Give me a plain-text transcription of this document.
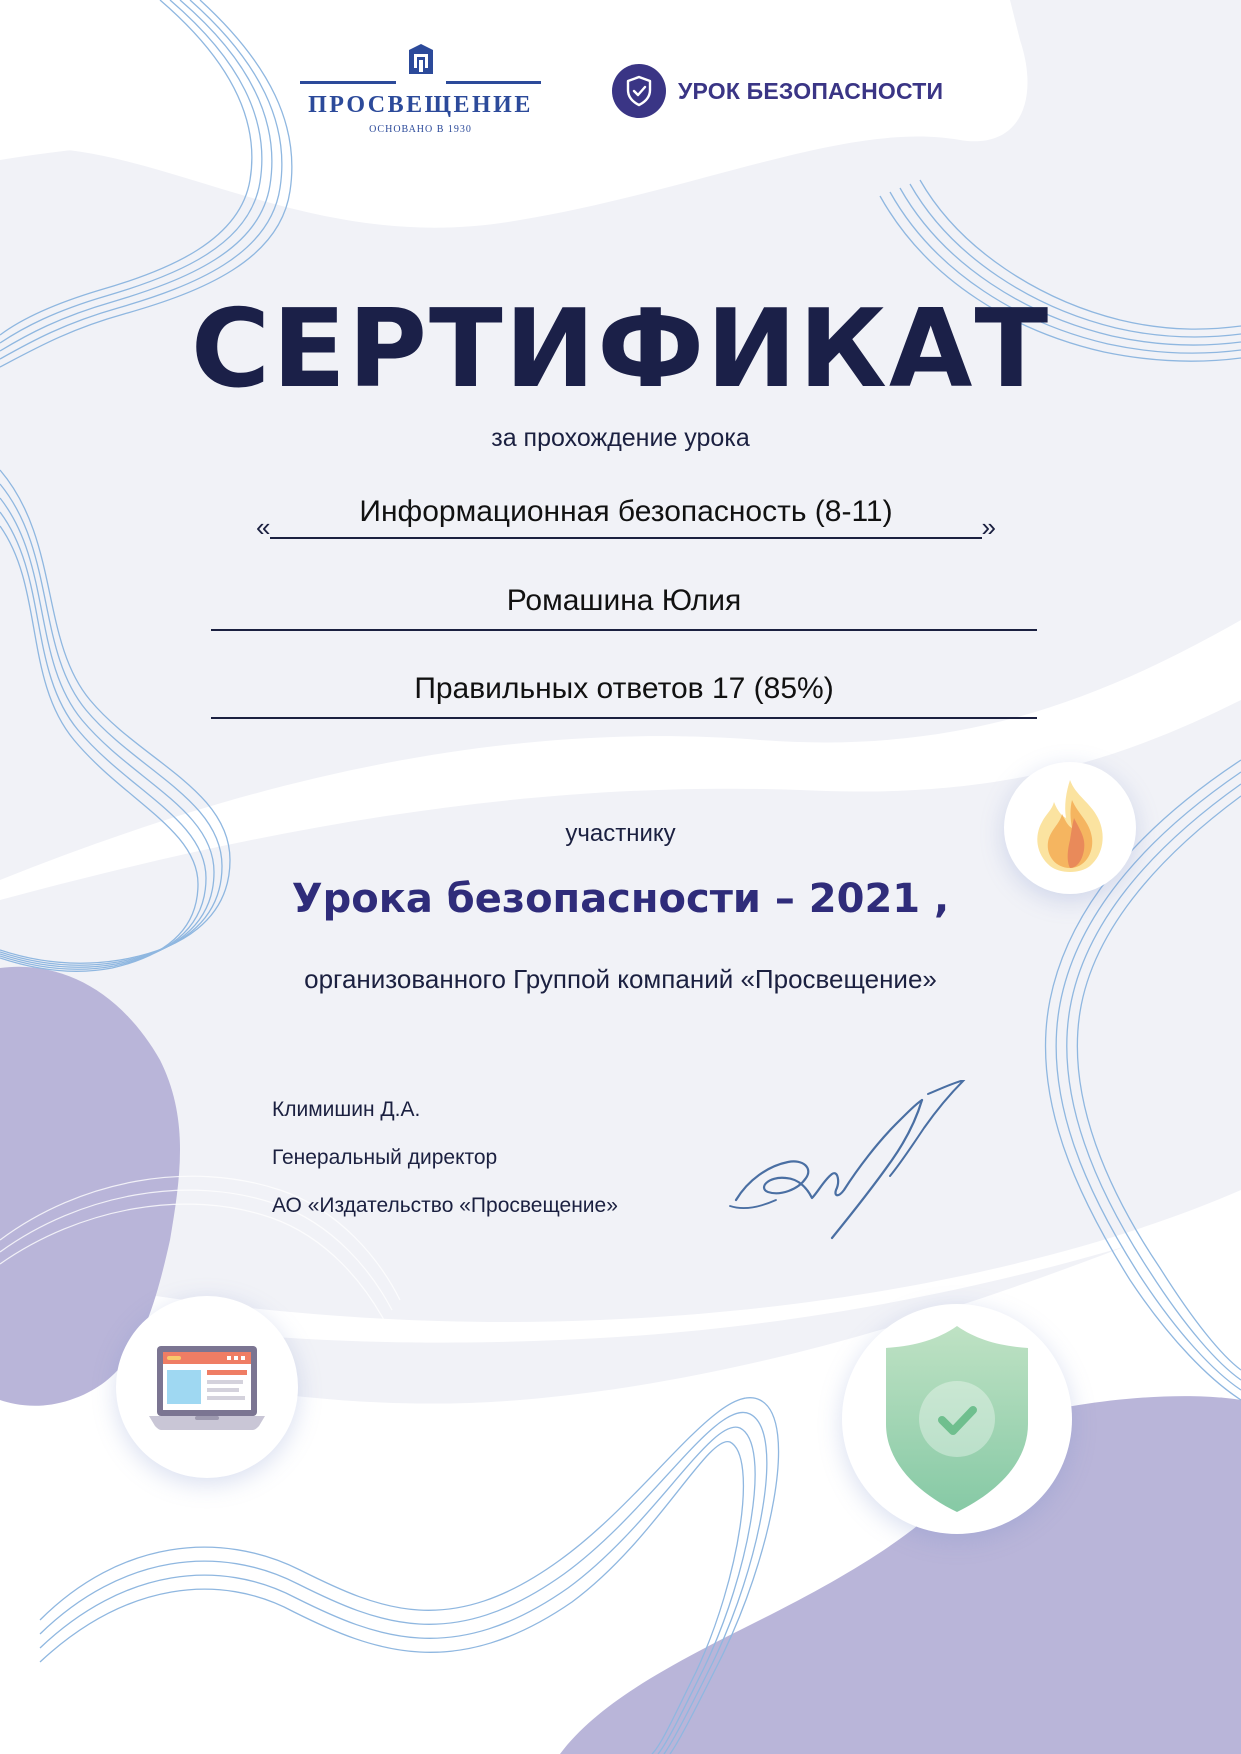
ПРОСВЕЩЕНИЕ
ОСНОВАНО В 1930
УРОК БЕЗОПАСНОСТИ
СЕРТИФИКАТ
за прохождение урока
«	Информационная безопасность (8-11)	»
Ромашина Юлия
Правильных ответов 17 (85%)
участнику
Урока безопасности – 2021 ,
организованного Группой компаний «Просвещение»
Климишин Д.А.
Генеральный директор
АО «Издательство «Просвещение»
